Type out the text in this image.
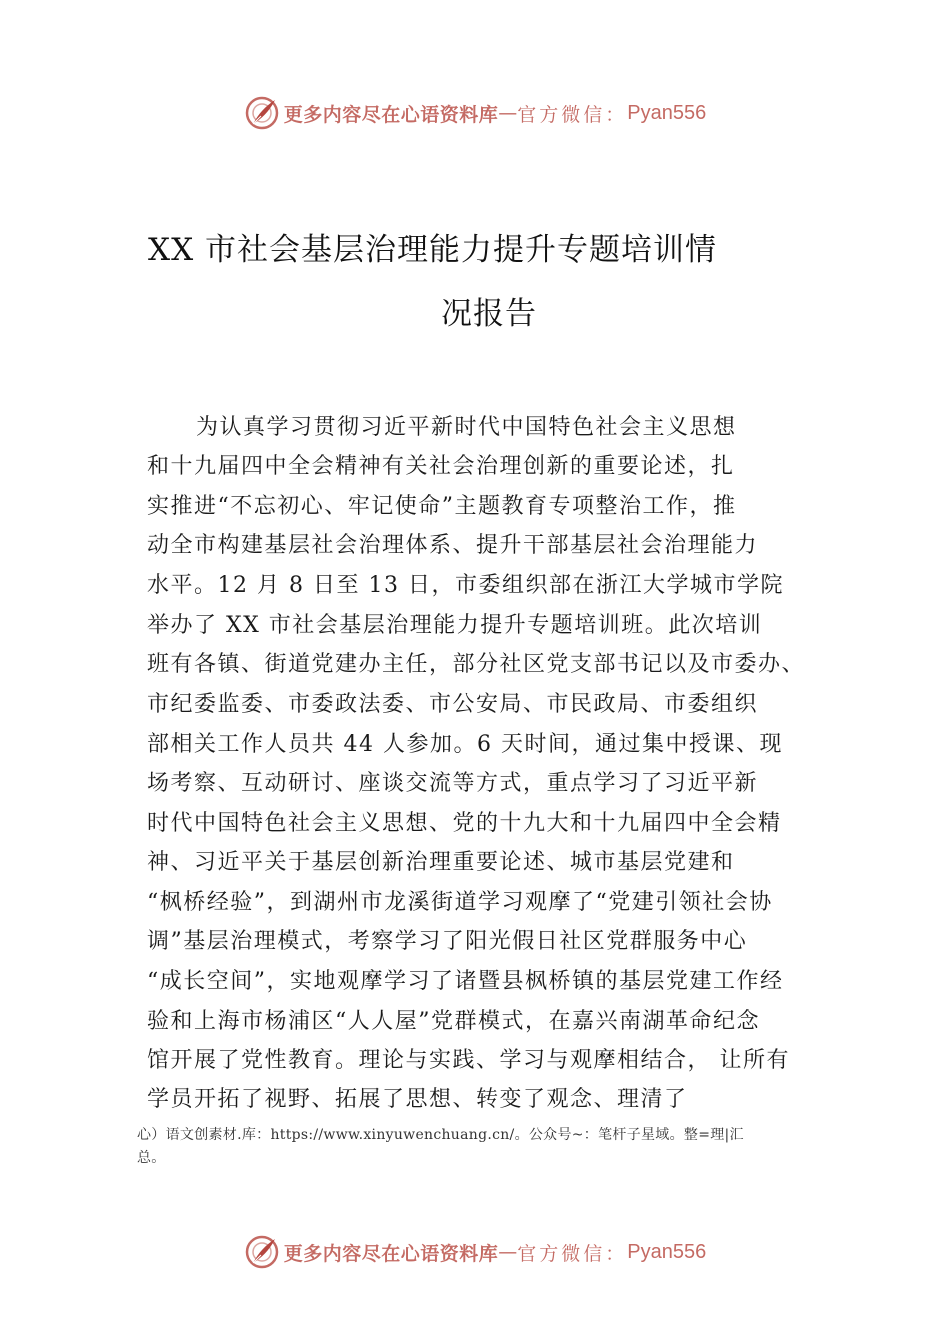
更多内容尽在心语资料库 — 官方微信： Pyan556
XX 市社会基层治理能力提升专题培训情
况报告
为认真学习贯彻习近平新时代中国特色社会主义思想
和十九届四中全会精神有关社会治理创新的重要论述，扎
实推进“不忘初心、牢记使命”主题教育专项整治工作，推
动全市构建基层社会治理体系、提升干部基层社会治理能力
水平。12 月 8 日至 13 日，市委组织部在浙江大学城市学院
举办了 XX 市社会基层治理能力提升专题培训班。此次培训
班有各镇、街道党建办主任，部分社区党支部书记以及市委办、
市纪委监委、市委政法委、市公安局、市民政局、市委组织
部相关工作人员共 44 人参加。6 天时间，通过集中授课、现
场考察、互动研讨、座谈交流等方式，重点学习了习近平新
时代中国特色社会主义思想、党的十九大和十九届四中全会精
神、习近平关于基层创新治理重要论述、城市基层党建和
“枫桥经验”，到湖州市龙溪街道学习观摩了“党建引领社会协
调”基层治理模式，考察学习了阳光假日社区党群服务中心
“成长空间”，实地观摩学习了诸暨县枫桥镇的基层党建工作经
验和上海市杨浦区“人人屋”党群模式，在嘉兴南湖革命纪念
馆开展了党性教育。理论与实践、学习与观摩相结合， 让所有
学员开拓了视野、拓展了思想、转变了观念、理清了
心）语文创素材.库：https://www.xinyuwenchuang.cn/。公众号~：笔杆子星域。整=理|汇
总。
更多内容尽在心语资料库 — 官方微信： Pyan556
